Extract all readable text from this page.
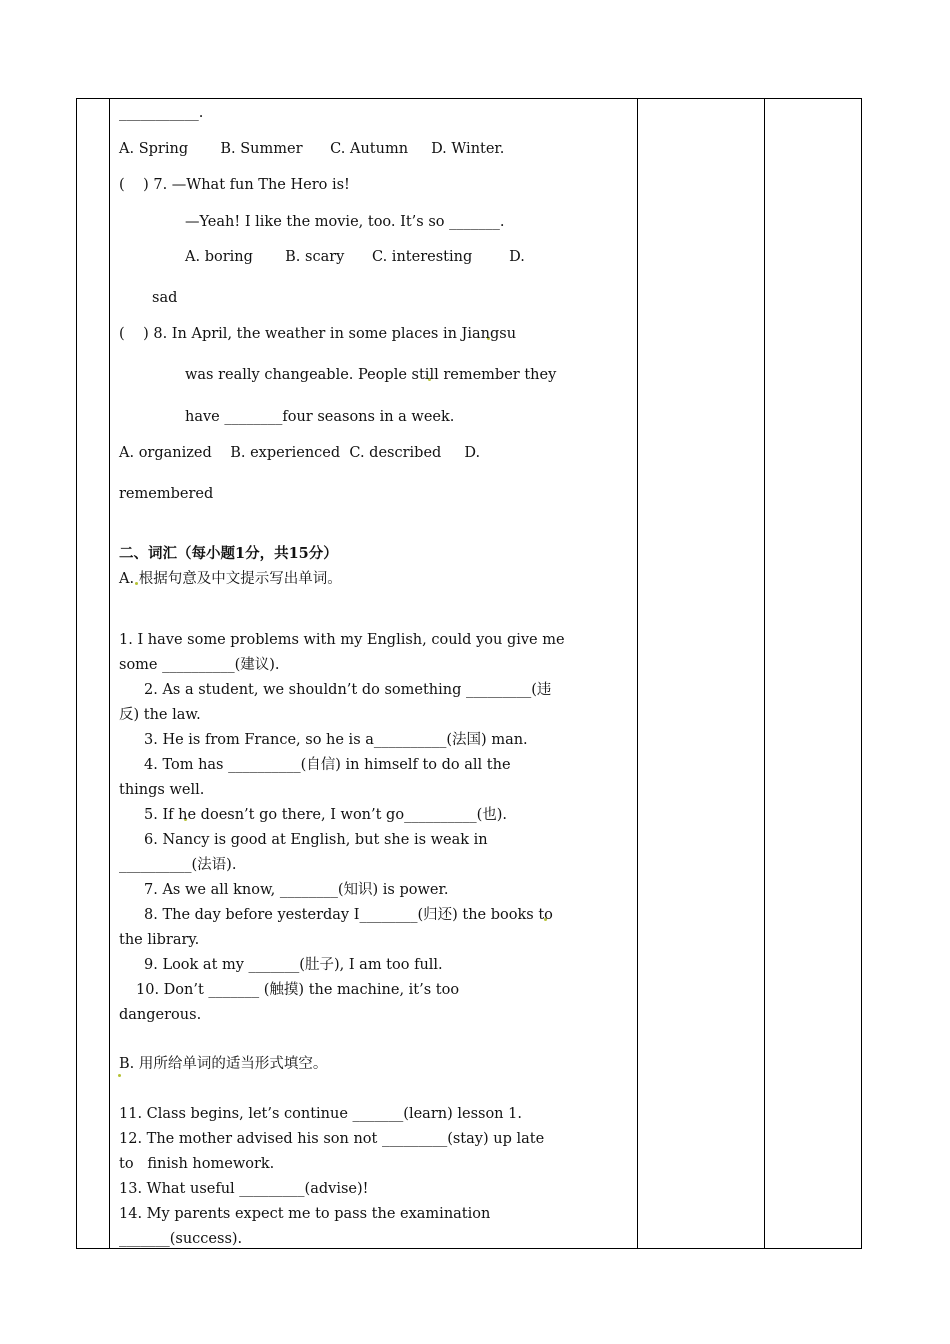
___________.
A. Spring       B. Summer      C. Autumn     D. Winter.
(    ) 7. —What fun The Hero is!
—Yeah! I like the movie, too. It’s so _______.
A. boring       B. scary      C. interesting        D.
sad
(    ) 8. In April, the weather in some places in Jiangsu
was really changeable. People still remember they
have ________four seasons in a week.
A. organized    B. experienced  C. described     D.
remembered
二、词汇（每小题1分，共15分）
A. 根据句意及中文提示写出单词。
1. I have some problems with my English, could you give me
some __________(建议).
2. As a student, we shouldn’t do something _________(违
反) the law.
3. He is from France, so he is a__________(法国) man.
4. Tom has __________(自信) in himself to do all the
things well.
5. If he doesn’t go there, I won’t go__________(也).
6. Nancy is good at English, but she is weak in
__________(法语).
7. As we all know, ________(知识) is power.
8. The day before yesterday I________(归还) the books to
the library.
9. Look at my _______(肚子), I am too full.
10. Don’t _______ (触摸) the machine, it’s too
dangerous.
B. 用所给单词的适当形式填空。
11. Class begins, let’s continue _______(learn) lesson 1.
12. The mother advised his son not _________(stay) up late
to   finish homework.
13. What useful _________(advise)!
14. My parents expect me to pass the examination
_______(success).
